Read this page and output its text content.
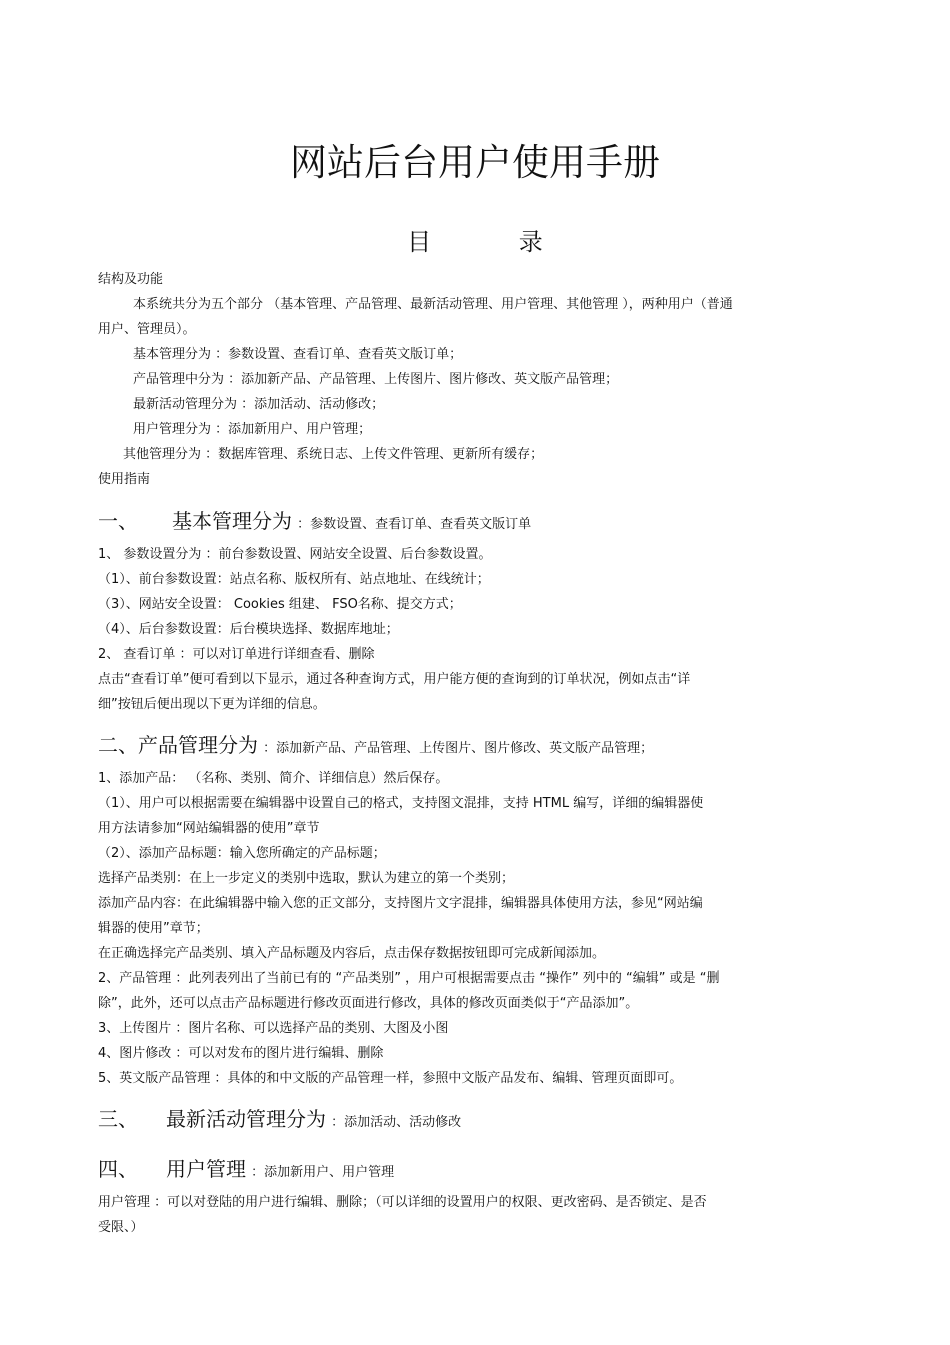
网站后台用户使用手册
目 录
结构及功能
本系统共分为五个部分 （基本管理、产品管理、最新活动管理、用户管理、其他管理 ），两种用户（普通
用户、管理员）。
基本管理分为 ：参数设置、查看订单、查看英文版订单；
产品管理中分为 ：添加新产品、产品管理、上传图片、图片修改、英文版产品管理；
最新活动管理分为 ：添加活动、活动修改；
用户管理分为 ：添加新用户、用户管理；
其他管理分为 ：数据库管理、系统日志、上传文件管理、更新所有缓存；
使用指南
一、 基本管理分为 ：参数设置、查看订单、查看英文版订单
1、 参数设置分为 ：前台参数设置、网站安全设置、后台参数设置。
（1）、前台参数设置：站点名称、版权所有、站点地址、在线统计；
（3）、网站安全设置： Cookies 组建、 FSO名称、提交方式；
（4）、后台参数设置：后台模块选择、数据库地址；
2、 查看订单 ：可以对订单进行详细查看、删除
点击“查看订单”便可看到以下显示，通过各种查询方式，用户能方便的查询到的订单状况，例如点击“详
细”按钮后便出现以下更为详细的信息。
二、产品管理分为 ：添加新产品、产品管理、上传图片、图片修改、英文版产品管理；
1、添加产品： （名称、类别、简介、详细信息）然后保存。
（1）、用户可以根据需要在编辑器中设置自己的格式，支持图文混排，支持 HTML 编写，详细的编辑器使
用方法请参加“网站编辑器的使用”章节
（2）、添加产品标题：输入您所确定的产品标题；
选择产品类别：在上一步定义的类别中选取，默认为建立的第一个类别；
添加产品内容：在此编辑器中输入您的正文部分，支持图片文字混排，编辑器具体使用方法，参见“网站编
辑器的使用”章节；
在正确选择完产品类别、填入产品标题及内容后，点击保存数据按钮即可完成新闻添加。
2、产品管理 ：此列表列出了当前已有的 “产品类别” ，用户可根据需要点击 “操作” 列中的 “编辑” 或是 “删
除”，此外，还可以点击产品标题进行修改页面进行修改，具体的修改页面类似于“产品添加”。
3、上传图片 ：图片名称、可以选择产品的类别、大图及小图
4、图片修改 ：可以对发布的图片进行编辑、删除
5、英文版产品管理 ：具体的和中文版的产品管理一样，参照中文版产品发布、编辑、管理页面即可。
三、 最新活动管理分为 ：添加活动、活动修改
四、 用户管理 ：添加新用户、用户管理
用户管理 ：可以对登陆的用户进行编辑、删除；（可以详细的设置用户的权限、更改密码、是否锁定、是否
受限、）
